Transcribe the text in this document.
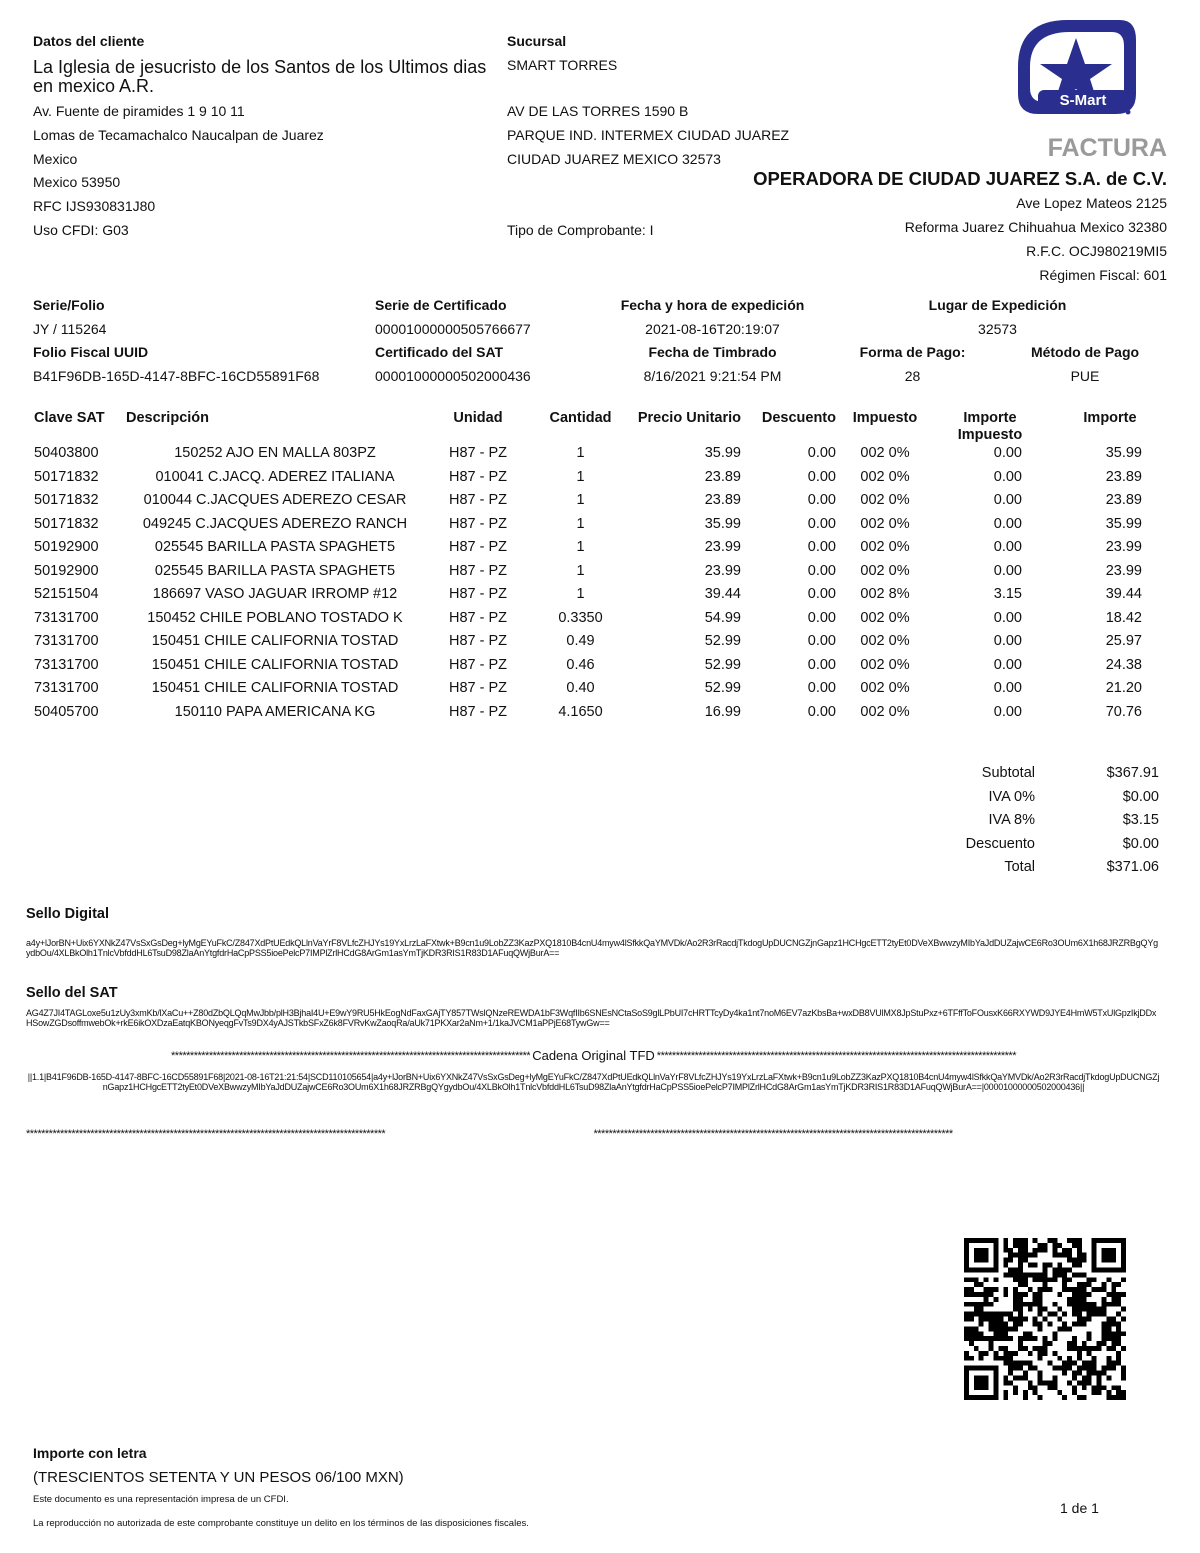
Datos del cliente
La Iglesia de jesucristo de los Santos de los Ultimos dias en mexico A.R.
Av. Fuente de piramides 1 9 10 11
Lomas de Tecamachalco Naucalpan de Juarez
Mexico
Mexico 53950
RFC IJS930831J80
Uso CFDI: G03
Sucursal
SMART TORRES
AV DE LAS TORRES 1590 B
PARQUE IND. INTERMEX CIUDAD JUAREZ
CIUDAD JUAREZ MEXICO 32573
Tipo de Comprobante: I
S-Mart
FACTURA
OPERADORA DE CIUDAD JUAREZ S.A. de C.V.
Ave Lopez Mateos 2125
Reforma Juarez Chihuahua Mexico 32380
R.F.C. OCJ980219MI5
Régimen Fiscal: 601
Serie/Folio
JY / 115264
Serie de Certificado
00001000000505766677
Fecha y hora de expedición
2021-08-16T20:19:07
Lugar de Expedición
32573
Folio Fiscal UUID
B41F96DB-165D-4147-8BFC-16CD55891F68
Certificado del SAT
00001000000502000436
Fecha de Timbrado
8/16/2021 9:21:54 PM
Forma de Pago:
28
Método de Pago
PUE
Clave SAT	Descripción	Unidad	Cantidad	Precio Unitario	Descuento	Impuesto	Importe Impuesto	Importe
50403800	150252 AJO EN MALLA 803PZ	H87 - PZ	1	35.99	0.00	002 0%	0.00	35.99
50171832	010041 C.JACQ. ADEREZ ITALIANA	H87 - PZ	1	23.89	0.00	002 0%	0.00	23.89
50171832	010044 C.JACQUES ADEREZO CESAR	H87 - PZ	1	23.89	0.00	002 0%	0.00	23.89
50171832	049245 C.JACQUES ADEREZO RANCH	H87 - PZ	1	35.99	0.00	002 0%	0.00	35.99
50192900	025545 BARILLA PASTA SPAGHET5	H87 - PZ	1	23.99	0.00	002 0%	0.00	23.99
50192900	025545 BARILLA PASTA SPAGHET5	H87 - PZ	1	23.99	0.00	002 0%	0.00	23.99
52151504	186697 VASO JAGUAR IRROMP #12	H87 - PZ	1	39.44	0.00	002 8%	3.15	39.44
73131700	150452 CHILE POBLANO TOSTADO K	H87 - PZ	0.3350	54.99	0.00	002 0%	0.00	18.42
73131700	150451 CHILE CALIFORNIA TOSTAD	H87 - PZ	0.49	52.99	0.00	002 0%	0.00	25.97
73131700	150451 CHILE CALIFORNIA TOSTAD	H87 - PZ	0.46	52.99	0.00	002 0%	0.00	24.38
73131700	150451 CHILE CALIFORNIA TOSTAD	H87 - PZ	0.40	52.99	0.00	002 0%	0.00	21.20
50405700	150110 PAPA AMERICANA KG	H87 - PZ	4.1650	16.99	0.00	002 0%	0.00	70.76
Subtotal	$367.91
IVA 0%	$0.00
IVA 8%	$3.15
Descuento	$0.00
Total	$371.06
Sello Digital
a4y+lJorBN+Uix6YXNkZ47VsSxGsDeg+lyMgEYuFkC/Z847XdPtUEdkQLlnVaYrF8VLfcZHJYs19YxLrzLaFXtwk+B9cn1u9LobZZ3KazPXQ1810B4cnU4myw4lSfkkQaYMVDk/Ao2R3rRacdjTkdogUpDUCNGZjnGapz1HCHgcETT2tyEt0DVeXBwwzyMIbYaJdDUZajwCE6Ro3OUm6X1h68JRZRBgQYgydbOu/4XLBkOlh1TnlcVbfddHL6TsuD98ZlaAnYtgfdrHaCpPSS5ioePelcP7IMPlZrlHCdG8ArGm1asYmTjKDR3RIS1R83D1AFuqQWjBurA==
Sello del SAT
AG4Z7JI4TAGLoxe5u1zUy3xmKb/lXaCu++Z80dZbQLQqMwJbb/plH3BjhaI4U+E9wY9RU5HkEogNdFaxGAjTY857TWslQNzeREWDA1bF3WqfIIb6SNEsNCtaSoS9glLPbUI7cHRTTcyDy4ka1nt7noM6EV7azKbsBa+wxDB8VUlMX8JpStuPxz+6TFffToFOusxK66RXYWD9JYE4HmW5TxUlGpzIkjDDxHSowZGDsoffmwebOk+rkE6ikOXDzaEatqKBONyeqgFvTs9DX4yAJSTkbSFxZ6k8FVRvKwZaoqRa/aUk71PKXar2aNm+1/1kaJVCM1aPPjE68TywGw==
*********************************************************************************************** Cadena Original TFD ***********************************************************************************************
||1.1|B41F96DB-165D-4147-8BFC-16CD55891F68|2021-08-16T21:21:54|SCD110105654|a4y+lJorBN+Uix6YXNkZ47VsSxGsDeg+lyMgEYuFkC/Z847XdPtUEdkQLlnVaYrF8VLfcZHJYs19YxLrzLaFXtwk+B9cn1u9LobZZ3KazPXQ1810B4cnU4myw4lSfkkQaYMVDk/Ao2R3rRacdjTkdogUpDUCNGZjnGapz1HCHgcETT2tyEt0DVeXBwwzyMIbYaJdDUZajwCE6Ro3OUm6X1h68JRZRBgQYgydbOu/4XLBkOlh1TnlcVbfddHL6TsuD98ZlaAnYtgfdrHaCpPSS5ioePelcP7IMPlZrlHCdG8ArGm1asYmTjKDR3RIS1R83D1AFuqQWjBurA==|00001000000502000436||
***********************************************************************************************	***********************************************************************************************
Importe con letra
(TRESCIENTOS SETENTA Y UN PESOS 06/100 MXN)
Este documento es una representación impresa de un CFDI.
La reproducción no autorizada de este comprobante constituye un delito en los términos de las disposiciones fiscales.
1 de 1
